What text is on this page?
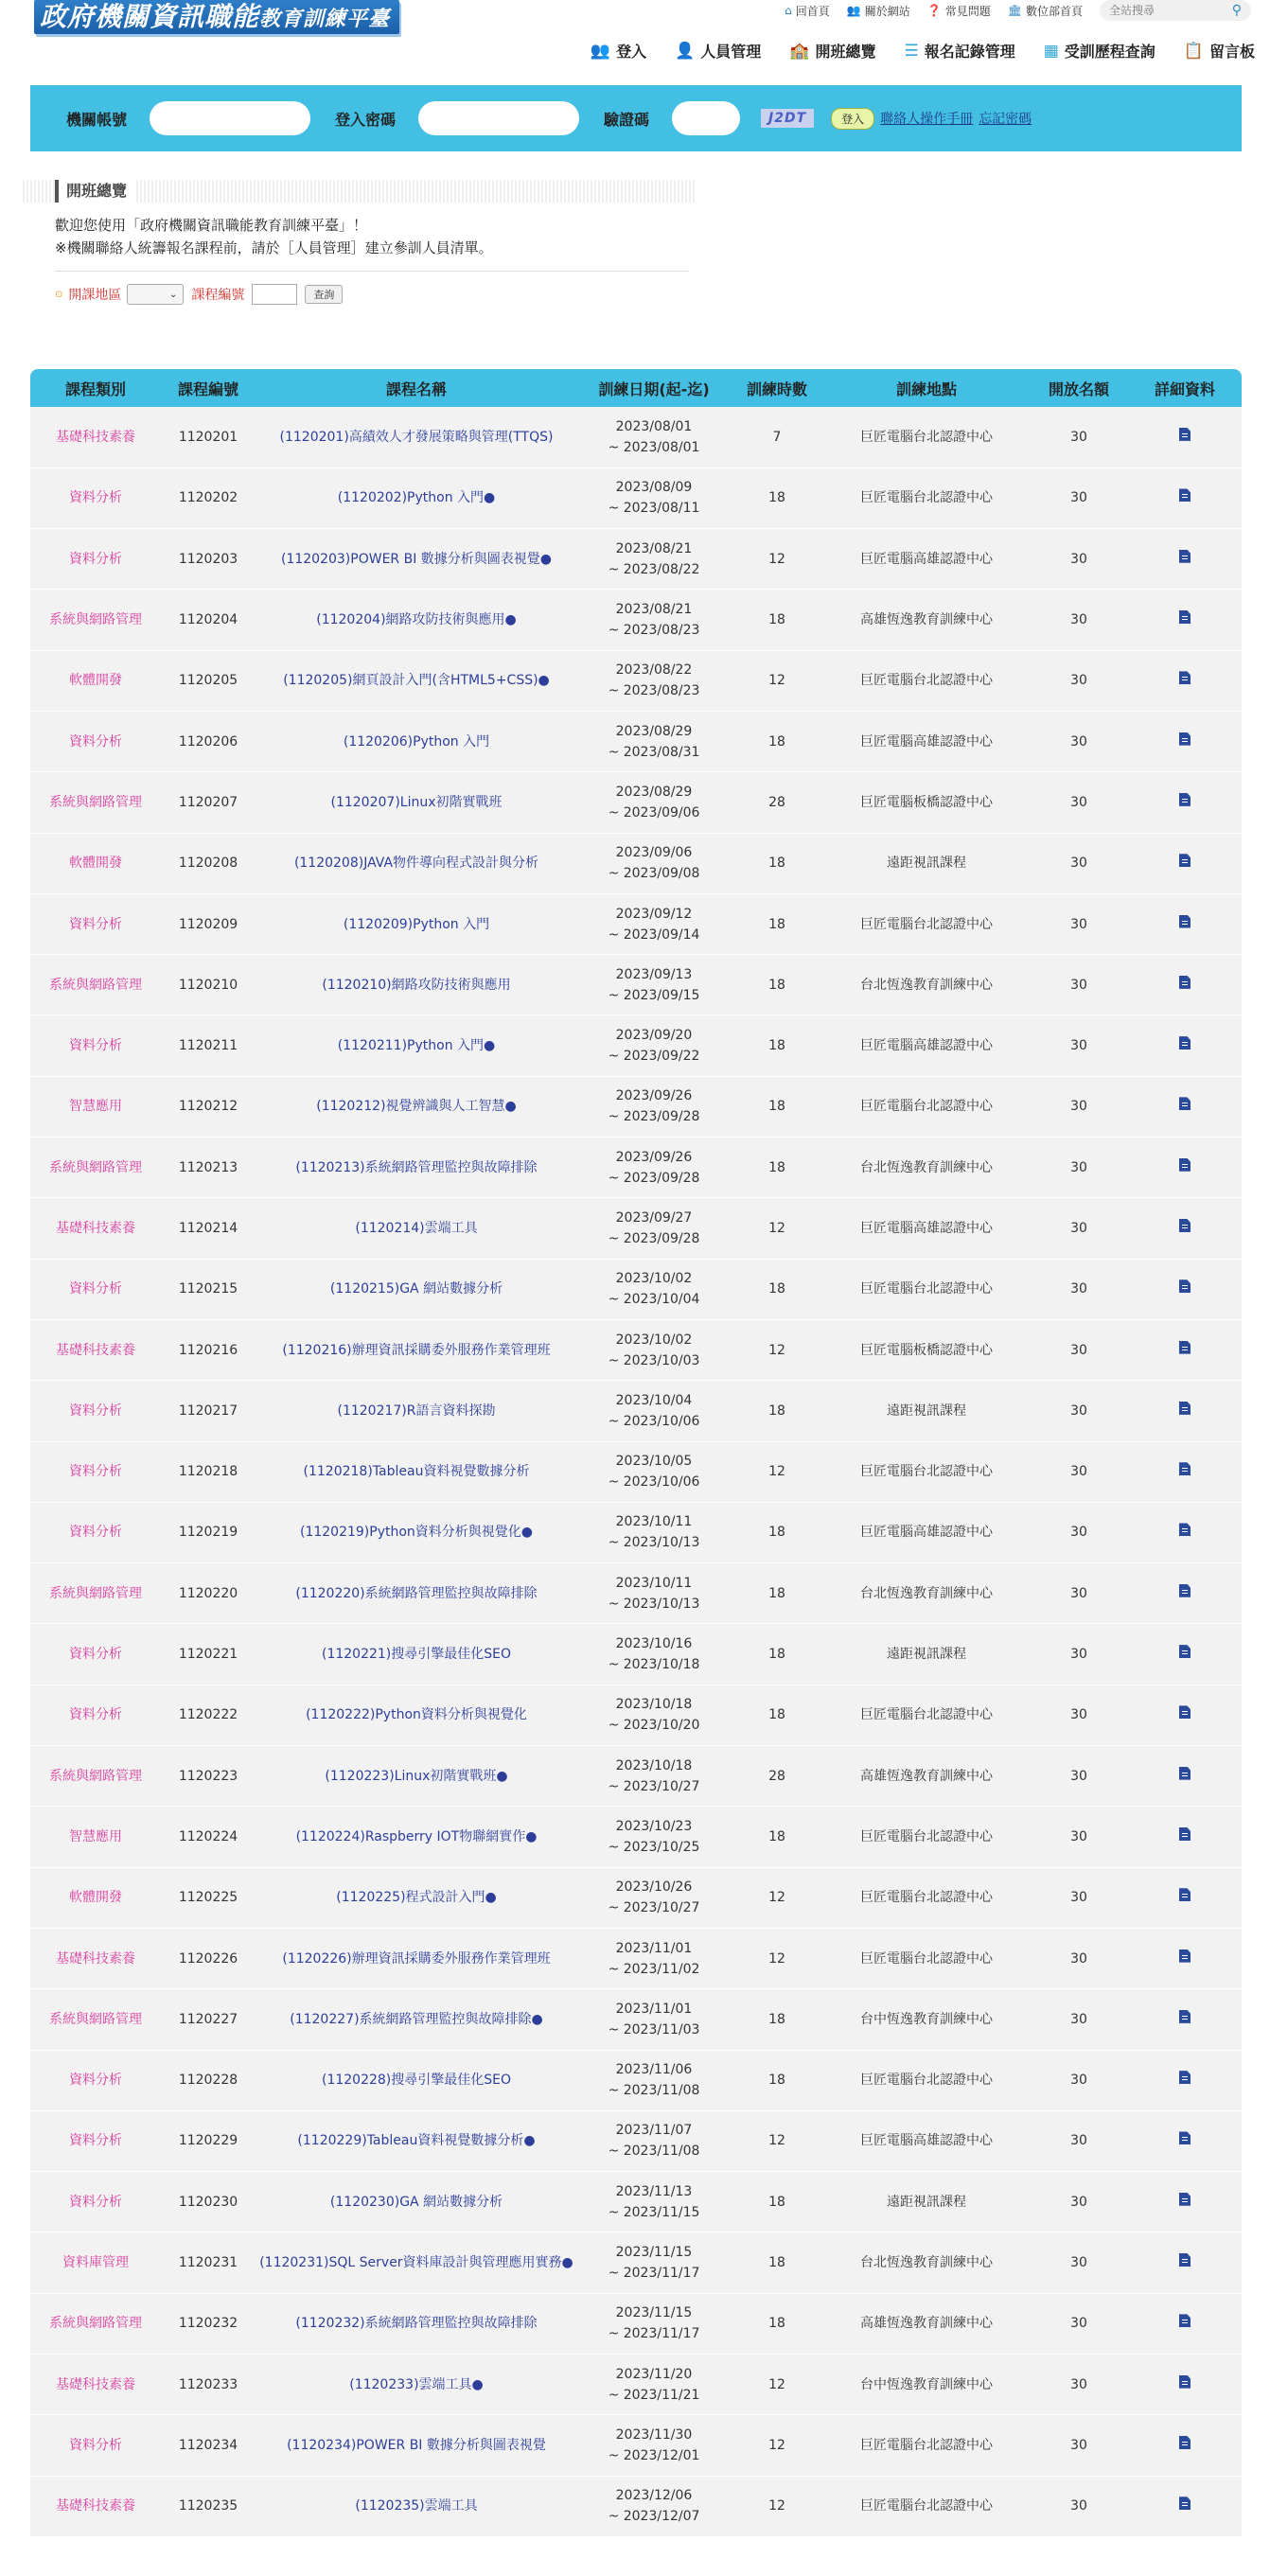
政府機關資訊職能教育訓練平臺	⌂ 回首頁 👥 關於網站 ❓ 常見問題 🏛 數位部首頁
全站搜尋	⚲
👥 登入 👤 人員管理 🏫 開班總覽 ☰ 報名記錄管理 ▦ 受訓歷程查詢 📋 留言板
機關帳號	登入密碼	驗證碼	J2DT	登入	聯絡人操作手冊 忘記密碼
開班總覽
歡迎您使用「政府機關資訊職能教育訓練平臺」！
※機關聯絡人統籌報名課程前，請於［人員管理］建立參訓人員清單。
⊙ 開課地區	⌄ 課程編號	查詢
課程類別	課程編號	課程名稱	訓練日期(起-迄)	訓練時數	訓練地點	開放名額	詳細資料
基礎科技素養	1120201	(1120201)高績效人才發展策略與管理(TTQS)	2023/08/01
~ 2023/08/01	7	巨匠電腦台北認證中心	30	
資料分析	1120202	(1120202)Python 入門●	2023/08/09
~ 2023/08/11	18	巨匠電腦台北認證中心	30	
資料分析	1120203	(1120203)POWER BI 數據分析與圖表視覺●	2023/08/21
~ 2023/08/22	12	巨匠電腦高雄認證中心	30	
系統與網路管理	1120204	(1120204)網路攻防技術與應用●	2023/08/21
~ 2023/08/23	18	高雄恆逸教育訓練中心	30	
軟體開發	1120205	(1120205)網頁設計入門(含HTML5+CSS)●	2023/08/22
~ 2023/08/23	12	巨匠電腦台北認證中心	30	
資料分析	1120206	(1120206)Python 入門	2023/08/29
~ 2023/08/31	18	巨匠電腦高雄認證中心	30	
系統與網路管理	1120207	(1120207)Linux初階實戰班	2023/08/29
~ 2023/09/06	28	巨匠電腦板橋認證中心	30	
軟體開發	1120208	(1120208)JAVA物件導向程式設計與分析	2023/09/06
~ 2023/09/08	18	遠距視訊課程	30	
資料分析	1120209	(1120209)Python 入門	2023/09/12
~ 2023/09/14	18	巨匠電腦台北認證中心	30	
系統與網路管理	1120210	(1120210)網路攻防技術與應用	2023/09/13
~ 2023/09/15	18	台北恆逸教育訓練中心	30	
資料分析	1120211	(1120211)Python 入門●	2023/09/20
~ 2023/09/22	18	巨匠電腦高雄認證中心	30	
智慧應用	1120212	(1120212)視覺辨識與人工智慧●	2023/09/26
~ 2023/09/28	18	巨匠電腦台北認證中心	30	
系統與網路管理	1120213	(1120213)系統網路管理監控與故障排除	2023/09/26
~ 2023/09/28	18	台北恆逸教育訓練中心	30	
基礎科技素養	1120214	(1120214)雲端工具	2023/09/27
~ 2023/09/28	12	巨匠電腦高雄認證中心	30	
資料分析	1120215	(1120215)GA 網站數據分析	2023/10/02
~ 2023/10/04	18	巨匠電腦台北認證中心	30	
基礎科技素養	1120216	(1120216)辦理資訊採購委外服務作業管理班	2023/10/02
~ 2023/10/03	12	巨匠電腦板橋認證中心	30	
資料分析	1120217	(1120217)R語言資料探勘	2023/10/04
~ 2023/10/06	18	遠距視訊課程	30	
資料分析	1120218	(1120218)Tableau資料視覺數據分析	2023/10/05
~ 2023/10/06	12	巨匠電腦台北認證中心	30	
資料分析	1120219	(1120219)Python資料分析與視覺化●	2023/10/11
~ 2023/10/13	18	巨匠電腦高雄認證中心	30	
系統與網路管理	1120220	(1120220)系統網路管理監控與故障排除	2023/10/11
~ 2023/10/13	18	台北恆逸教育訓練中心	30	
資料分析	1120221	(1120221)搜尋引擎最佳化SEO	2023/10/16
~ 2023/10/18	18	遠距視訊課程	30	
資料分析	1120222	(1120222)Python資料分析與視覺化	2023/10/18
~ 2023/10/20	18	巨匠電腦台北認證中心	30	
系統與網路管理	1120223	(1120223)Linux初階實戰班●	2023/10/18
~ 2023/10/27	28	高雄恆逸教育訓練中心	30	
智慧應用	1120224	(1120224)Raspberry IOT物聯網實作●	2023/10/23
~ 2023/10/25	18	巨匠電腦台北認證中心	30	
軟體開發	1120225	(1120225)程式設計入門●	2023/10/26
~ 2023/10/27	12	巨匠電腦台北認證中心	30	
基礎科技素養	1120226	(1120226)辦理資訊採購委外服務作業管理班	2023/11/01
~ 2023/11/02	12	巨匠電腦台北認證中心	30	
系統與網路管理	1120227	(1120227)系統網路管理監控與故障排除●	2023/11/01
~ 2023/11/03	18	台中恆逸教育訓練中心	30	
資料分析	1120228	(1120228)搜尋引擎最佳化SEO	2023/11/06
~ 2023/11/08	18	巨匠電腦台北認證中心	30	
資料分析	1120229	(1120229)Tableau資料視覺數據分析●	2023/11/07
~ 2023/11/08	12	巨匠電腦高雄認證中心	30	
資料分析	1120230	(1120230)GA 網站數據分析	2023/11/13
~ 2023/11/15	18	遠距視訊課程	30	
資料庫管理	1120231	(1120231)SQL Server資料庫設計與管理應用實務●	2023/11/15
~ 2023/11/17	18	台北恆逸教育訓練中心	30	
系統與網路管理	1120232	(1120232)系統網路管理監控與故障排除	2023/11/15
~ 2023/11/17	18	高雄恆逸教育訓練中心	30	
基礎科技素養	1120233	(1120233)雲端工具●	2023/11/20
~ 2023/11/21	12	台中恆逸教育訓練中心	30	
資料分析	1120234	(1120234)POWER BI 數據分析與圖表視覺	2023/11/30
~ 2023/12/01	12	巨匠電腦台北認證中心	30	
基礎科技素養	1120235	(1120235)雲端工具	2023/12/06
~ 2023/12/07	12	巨匠電腦台北認證中心	30	
